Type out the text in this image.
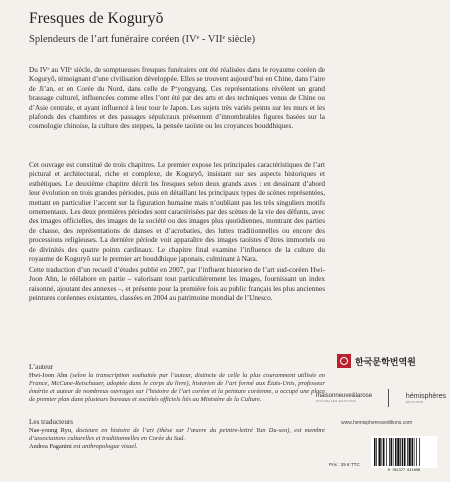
Fresques de Koguryŏ
Splendeurs de l’art funéraire coréen (IVᵉ - VIIᵉ siècle)

Du IVᵉ au VIIᵉ siècle, de somptueuses fresques funéraires ont été réalisées dans le royaume coréen de Koguryŏ, témoignant d’une civilisation développée. Elles se trouvent aujourd’hui en Chine, dans l’aire de Ji’an, et en Corée du Nord, dans celle de Pʻyongyang. Ces représentations révèlent un grand brassage culturel, influencées comme elles l’ont été par des arts et des techniques venus de Chine ou d’Asie centrale, et ayant influencé à leur tour le Japon. Les sujets très variés peints sur les murs et les plafonds des chambres et des passages sépulcraux présentent d’innombrables figures basées sur la cosmologie chinoise, la culture des steppes, la pensée taoïste ou les croyances bouddhiques.

Cet ouvrage est constitué de trois chapitres. Le premier expose les principales caractéristiques de l’art pictural et architectural, riche et complexe, de Koguryŏ, insistant sur ses aspects historiques et esthétiques. Le deuxième chapitre décrit les fresques selon deux grands axes : en dessinant d’abord leur évolution en trois grandes périodes, puis en détaillant les principaux types de scènes représentées, mettant en particulier l’accent sur la figuration humaine mais n’oubliant pas les très singuliers motifs ornementaux. Les deux premières périodes sont caractérisées par des scènes de la vie des défunts, avec des images officielles, des images de la société ou des images plus quotidiennes, montrant des parties de chasse, des représentations de danses et d’acrobaties, des luttes traditionnelles ou encore des processions religieuses. La dernière période voit apparaître des images taoïstes d’êtres immortels ou de divinités des quatre points cardinaux. Le chapitre final examine l’influence de la culture du royaume de Koguryŏ sur le premier art bouddhique japonais, culminant à Nara.

Cette traduction d’un recueil d’études publié en 2007, par l’influent historien de l’art sud-coréen Hwi-Joon Ahn, le réélabore en partie – valorisant tout particulièrement les images, fournissant un index raisonné, ajoutant des annexes –, et présente pour la première fois au public français les plus anciennes peintures coréennes existantes, classées en 2004 au patrimoine mondial de l’Unesco.

L’auteur

Hwi-Joon Ahn (selon la transcription souhaitée par l’auteur, distincte de celle la plus couramment utilisée en France, McCune-Reischauer, adoptée dans le corps du livre), historien de l’art formé aux États-Unis, professeur émérite et auteur de nombreux ouvrages sur l’histoire de l’art coréen et la peinture coréenne, a occupé une place de premier plan dans plusieurs bureaux et sociétés officiels liés au Ministère de la Culture.

Les traducteurs

Nae-young Ryu, docteure en histoire de l’art (thèse sur l’œuvre du peintre-lettré Yun Du-seo), est membre d’associations culturelles et traditionnelles en Corée du Sud.

Andrea Paganini est anthropologue visuel.

한국문학번역원
maisonneuve&larose
NOUVELLES ÉDITIONS
hémisphères
ÉDITIONS
www.hemispheresseditions.com
9 782377 011098
Prix : 29 € TTC
